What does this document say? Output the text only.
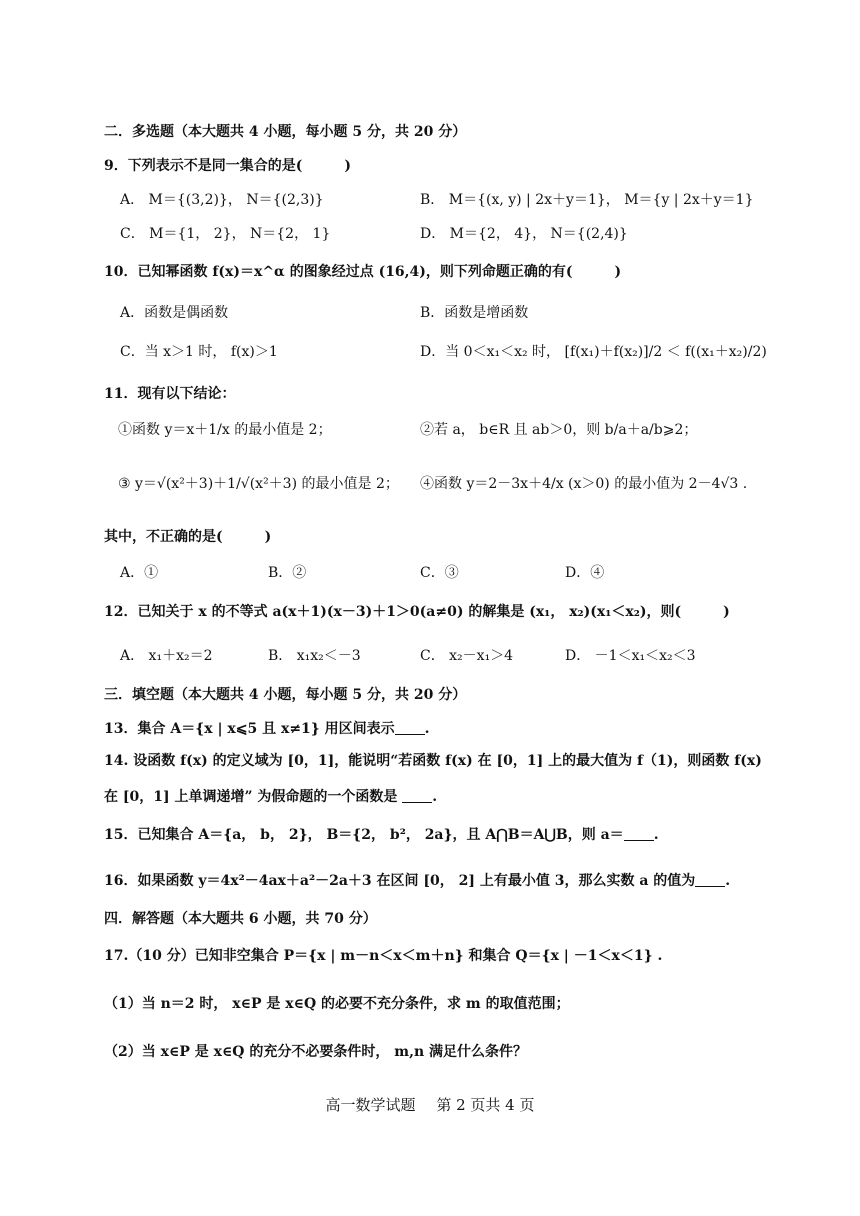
二．多选题（本大题共 4 小题，每小题 5 分，共 20 分）
9．下列表示不是同一集合的是(	)
A． M＝{(3,2)}， N＝{(2,3)}	B． M＝{(x, y) | 2x＋y＝1}， M＝{y | 2x＋y＝1}
C． M＝{1， 2}， N＝{2， 1}	D． M＝{2， 4}， N＝{(2,4)}
10．已知幂函数 f(x)＝x^α 的图象经过点 (16,4)，则下列命题正确的有(	)
A．函数是偶函数	B．函数是增函数
C．当 x＞1 时， f(x)＞1	D．当 0＜x₁＜x₂ 时， [f(x₁)＋f(x₂)]/2 ＜ f((x₁＋x₂)/2)
11．现有以下结论：
①函数 y＝x＋1/x 的最小值是 2；	②若 a， b∈R 且 ab＞0，则 b/a＋a/b⩾2；
③ y＝√(x²＋3)＋1/√(x²＋3) 的最小值是 2； ④函数 y＝2－3x＋4/x (x＞0) 的最小值为 2－4√3 .
其中，不正确的是(	)
A．①	B．②	C．③	D．④
12．已知关于 x 的不等式 a(x＋1)(x－3)＋1＞0(a≠0) 的解集是 (x₁， x₂)(x₁＜x₂)，则(	)
A． x₁＋x₂＝2	B． x₁x₂＜－3	C． x₂－x₁＞4	D． －1＜x₁＜x₂＜3
三．填空题（本大题共 4 小题，每小题 5 分，共 20 分）
13．集合 A＝{x | x⩽5 且 x≠1} 用区间表示 .
14. 设函数 f(x) 的定义域为 [0，1]，能说明“若函数 f(x) 在 [0，1] 上的最大值为 f（1)，则函数 f(x)
在 [0，1] 上单调递增” 为假命题的一个函数是 .
15．已知集合 A＝{a， b， 2}， B＝{2， b²， 2a}，且 A⋂B＝A⋃B，则 a＝ .
16．如果函数 y＝4x²－4ax＋a²－2a＋3 在区间 [0， 2] 上有最小值 3，那么实数 a 的值为 .
四．解答题（本大题共 6 小题，共 70 分）
17.（10 分）已知非空集合 P＝{x | m－n＜x＜m＋n} 和集合 Q＝{x | －1＜x＜1} .
（1）当 n＝2 时， x∈P 是 x∈Q 的必要不充分条件，求 m 的取值范围；
（2）当 x∈P 是 x∈Q 的充分不必要条件时， m,n 满足什么条件？
高一数学试题 第 2 页共 4 页
